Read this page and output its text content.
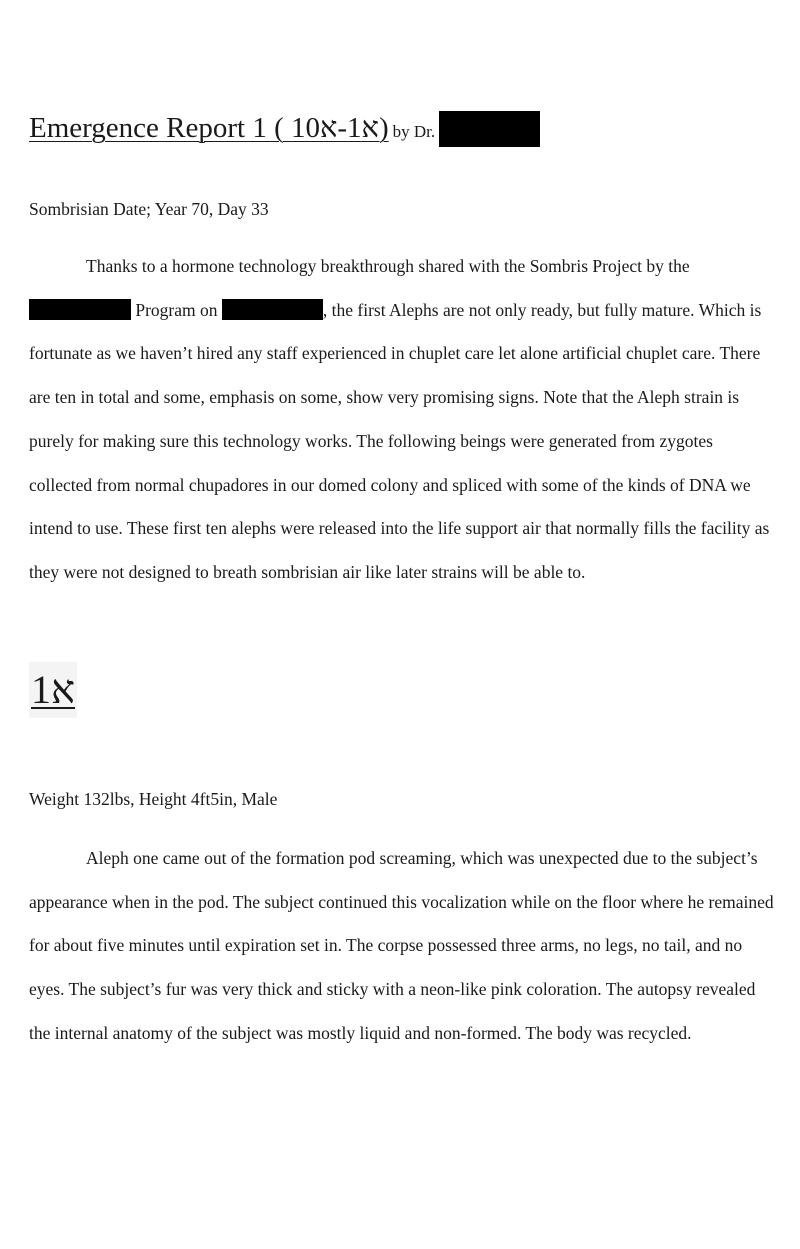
Emergence Report 1 ( א1-א10) by Dr.
Sombrisian Date; Year 70, Day 33

Thanks to a hormone technology breakthrough shared with the Sombris Project by the  Program on	, the first Alephs are not only ready, but fully mature. Which is fortunate as we haven’t hired any staff experienced in chuplet care let alone artificial chuplet care. There are ten in total and some, emphasis on some, show very promising signs. Note that the Aleph strain is purely for making sure this technology works. The following beings were generated from zygotes collected from normal chupadores in our domed colony and spliced with some of the kinds of DNA we intend to use. These first ten alephs were released into the life support air that normally fills the facility as they were not designed to breath sombrisian air like later strains will be able to.

א1
Weight 132lbs, Height 4ft5in, Male

Aleph one came out of the formation pod screaming, which was unexpected due to the subject’s appearance when in the pod. The subject continued this vocalization while on the floor where he remained for about five minutes until expiration set in. The corpse possessed three arms, no legs, no tail, and no eyes. The subject’s fur was very thick and sticky with a neon-like pink coloration. The autopsy revealed the internal anatomy of the subject was mostly liquid and non-formed. The body was recycled.
